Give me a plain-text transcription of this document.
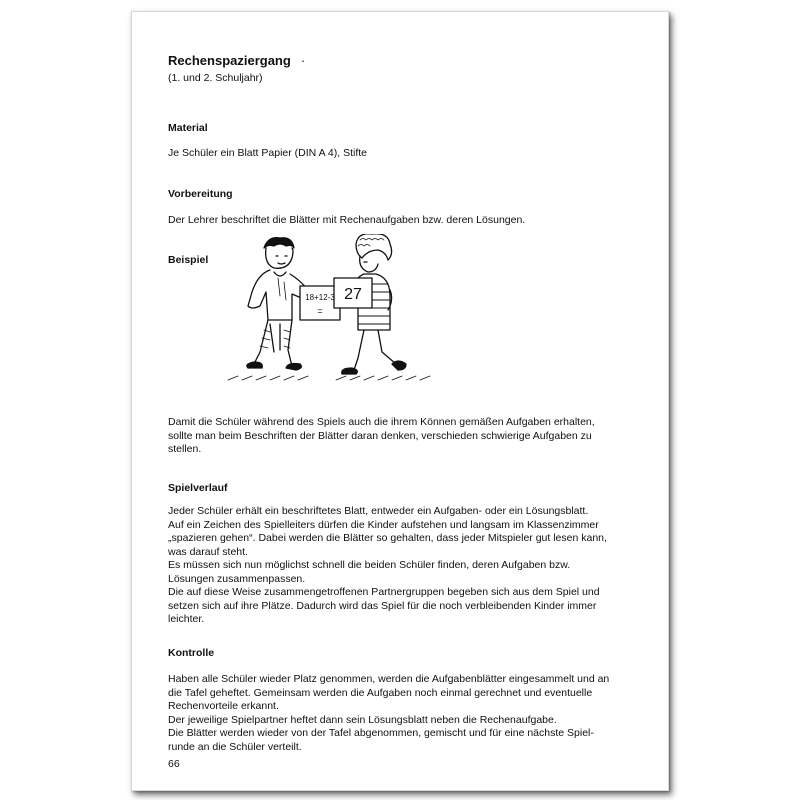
Rechenspaziergang ·
(1. und 2. Schuljahr)
Material

Je Schüler ein Blatt Papier (DIN A 4), Stifte

Vorbereitung

Der Lehrer beschriftet die Blätter mit Rechenaufgaben bzw. deren Lösungen.

Beispiel
18+12-3
=
27

Damit die Schüler während des Spiels auch die ihrem Können gemäßen Aufgaben erhalten,
sollte man beim Beschriften der Blätter daran denken, verschieden schwierige Aufgaben zu
stellen.

Spielverlauf

Jeder Schüler erhält ein beschriftetes Blatt, entweder ein Aufgaben- oder ein Lösungsblatt.
Auf ein Zeichen des Spielleiters dürfen die Kinder aufstehen und langsam im Klassenzimmer
„spazieren gehen“. Dabei werden die Blätter so gehalten, dass jeder Mitspieler gut lesen kann,
was darauf steht.
Es müssen sich nun möglichst schnell die beiden Schüler finden, deren Aufgaben bzw.
Lösungen zusammenpassen.
Die auf diese Weise zusammengetroffenen Partnergruppen begeben sich aus dem Spiel und
setzen sich auf ihre Plätze. Dadurch wird das Spiel für die noch verbleibenden Kinder immer
leichter.

Kontrolle

Haben alle Schüler wieder Platz genommen, werden die Aufgabenblätter eingesammelt und an
die Tafel geheftet. Gemeinsam werden die Aufgaben noch einmal gerechnet und eventuelle
Rechenvorteile erkannt.
Der jeweilige Spielpartner heftet dann sein Lösungsblatt neben die Rechenaufgabe.
Die Blätter werden wieder von der Tafel abgenommen, gemischt und für eine nächste Spiel-
runde an die Schüler verteilt.

66
